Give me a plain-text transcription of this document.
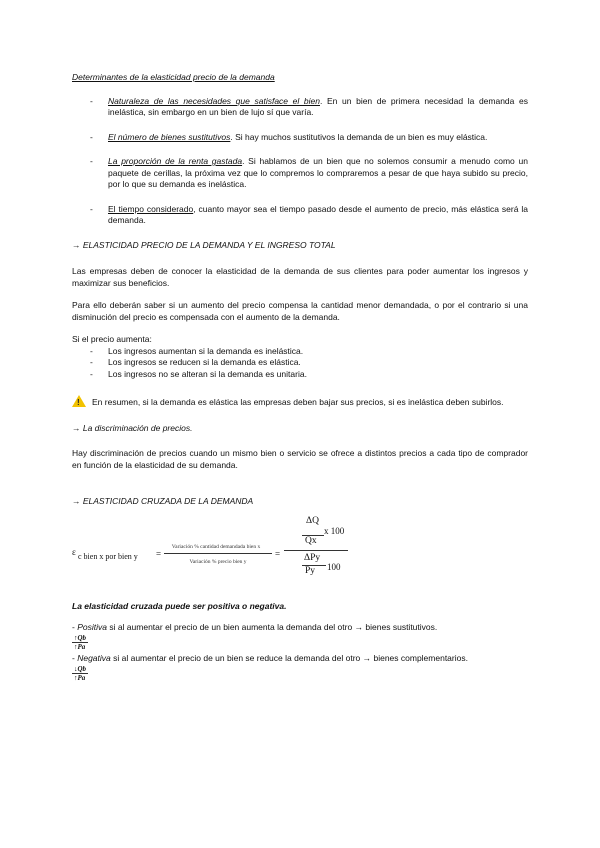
Determinantes de la elasticidad precio de la demanda

- Naturaleza de las necesidades que satisface el bien. En un bien de primera necesidad la demanda es inelástica, sin embargo en un bien de lujo sí que varía.
- El número de bienes sustitutivos. Si hay muchos sustitutivos la demanda de un bien es muy elástica.
- La proporción de la renta gastada. Si hablamos de un bien que no solemos consumir a menudo como un paquete de cerillas, la próxima vez que lo compremos lo compraremos a pesar de que haya subido su precio, por lo que su demanda es inelástica.
- El tiempo considerado, cuanto mayor sea el tiempo pasado desde el aumento de precio, más elástica será la demanda.

→ ELASTICIDAD PRECIO DE LA DEMANDA Y EL INGRESO TOTAL

Las empresas deben de conocer la elasticidad de la demanda de sus clientes para poder aumentar los ingresos y maximizar sus beneficios.

Para ello deberán saber si un aumento del precio compensa la cantidad menor demandada, o por el contrario si una disminución del precio es compensada con el aumento de la demanda.

Si el precio aumenta:

- Los ingresos aumentan si la demanda es inelástica.
- Los ingresos se reducen si la demanda es elástica.
- Los ingresos no se alteran si la demanda es unitaria.

!En resumen, si la demanda es elástica las empresas deben bajar sus precios, si es inelástica deben subirlos.

→ La discriminación de precios.

Hay discriminación de precios cuando un mismo bien o servicio se ofrece a distintos precios a cada tipo de comprador en función de la elasticidad de su demanda.

→ ELASTICIDAD CRUZADA DE LA DEMANDA

ε c bien x por bien y =
Variación % cantidad demandada bien x
Variación % precio bien y
=
ΔQ
x 100
Qx
ΔPy
100
Py

La elasticidad cruzada puede ser positiva o negativa.

- Positiva si al aumentar el precio de un bien aumenta la demanda del otro → bienes sustitutivos.

$\frac{↑Qb}{↑Pa}$

- Negativa si al aumentar el precio de un bien se reduce la demanda del otro → bienes complementarios.

$\frac{↓Qb}{↑Pa}$
